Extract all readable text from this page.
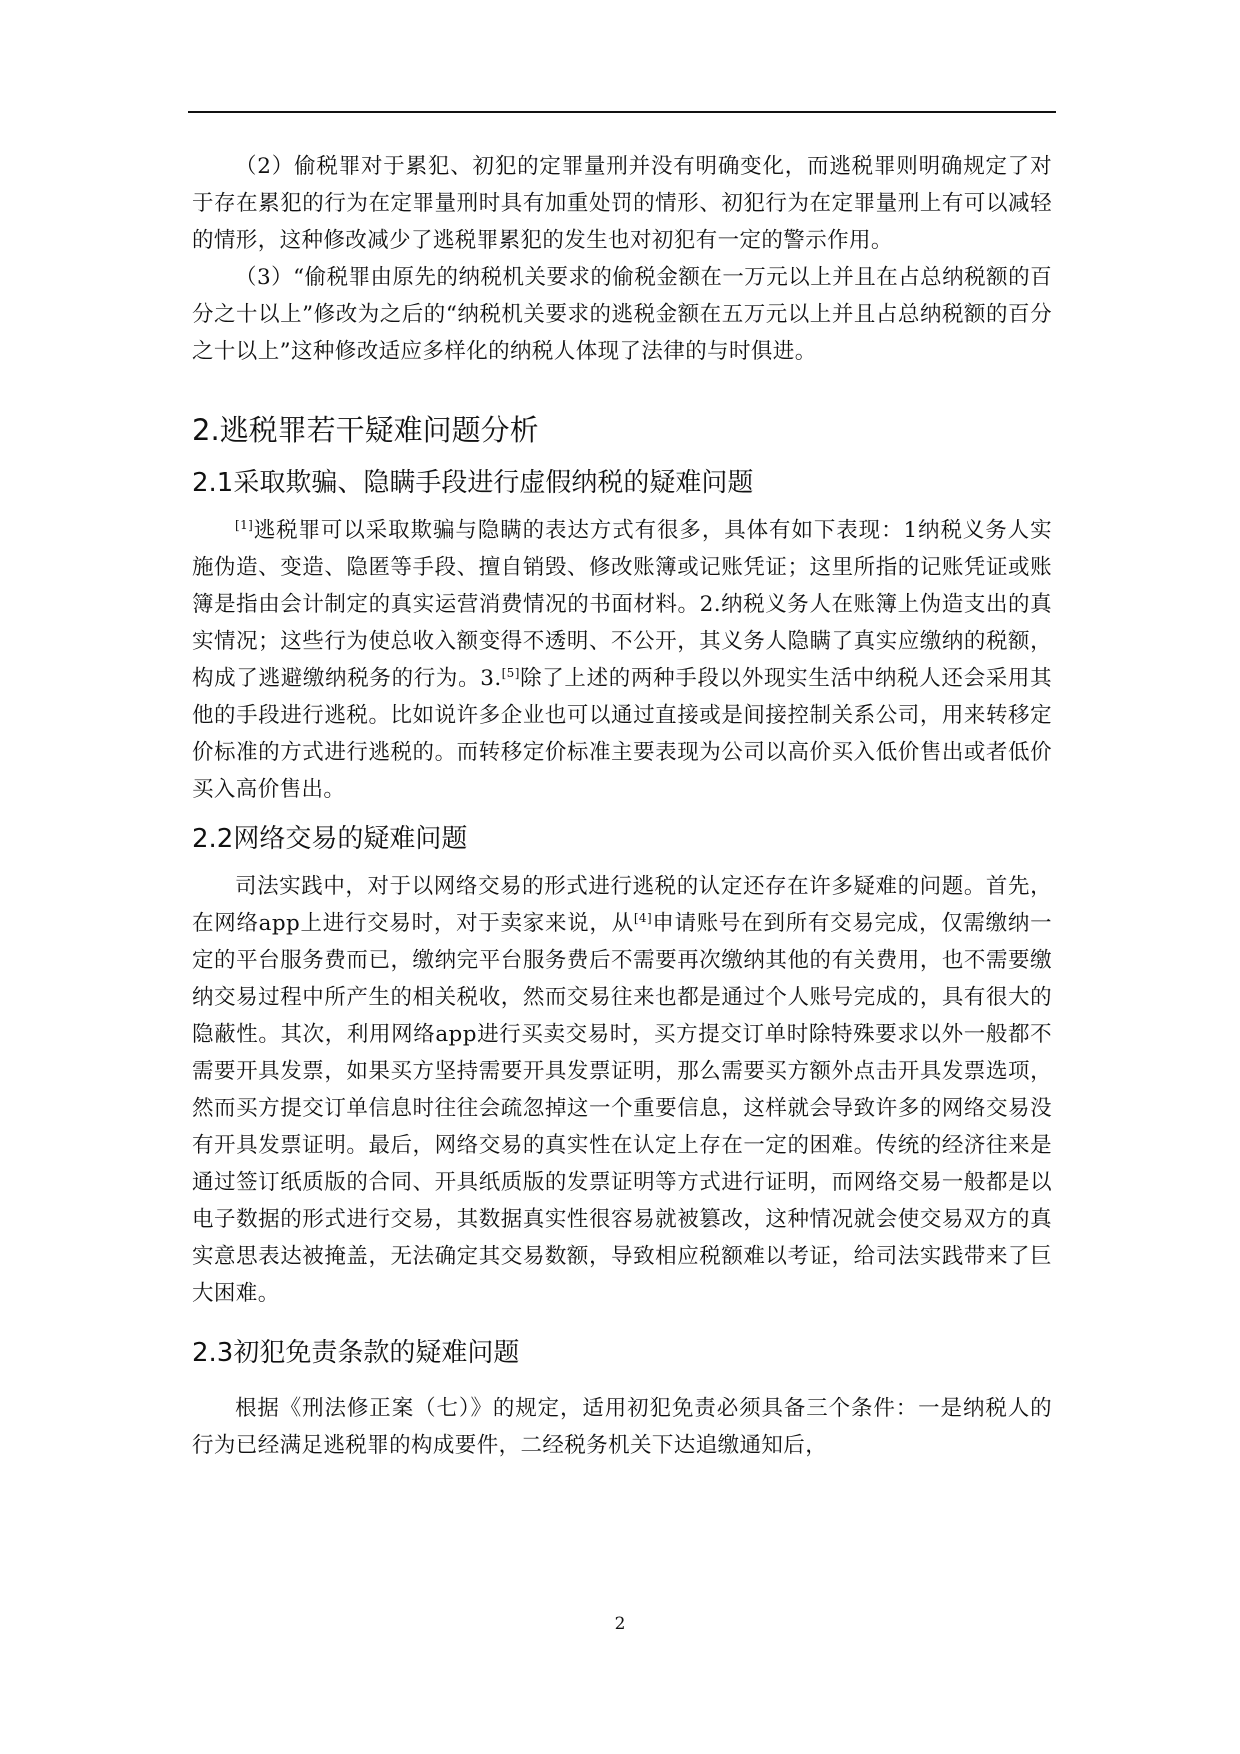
（2）偷税罪对于累犯、初犯的定罪量刑并没有明确变化，而逃税罪则明确规定了对于存在累犯的行为在定罪量刑时具有加重处罚的情形、初犯行为在定罪量刑上有可以减轻的情形，这种修改减少了逃税罪累犯的发生也对初犯有一定的警示作用。

（3）“偷税罪由原先的纳税机关要求的偷税金额在一万元以上并且在占总纳税额的百分之十以上”修改为之后的“纳税机关要求的逃税金额在五万元以上并且占总纳税额的百分之十以上”这种修改适应多样化的纳税人体现了法律的与时俱进。

2.逃税罪若干疑难问题分析
2.1采取欺骗、隐瞒手段进行虚假纳税的疑难问题

[1]逃税罪可以采取欺骗与隐瞒的表达方式有很多，具体有如下表现：1纳税义务人实施伪造、变造、隐匿等手段、擅自销毁、修改账簿或记账凭证；这里所指的记账凭证或账簿是指由会计制定的真实运营消费情况的书面材料。2.纳税义务人在账簿上伪造支出的真实情况；这些行为使总收入额变得不透明、不公开，其义务人隐瞒了真实应缴纳的税额，构成了逃避缴纳税务的行为。3.[5]除了上述的两种手段以外现实生活中纳税人还会采用其他的手段进行逃税。比如说许多企业也可以通过直接或是间接控制关系公司，用来转移定价标准的方式进行逃税的。而转移定价标准主要表现为公司以高价买入低价售出或者低价买入高价售出。

2.2网络交易的疑难问题

司法实践中，对于以网络交易的形式进行逃税的认定还存在许多疑难的问题。首先，在网络app上进行交易时，对于卖家来说，从[4]申请账号在到所有交易完成，仅需缴纳一定的平台服务费而已，缴纳完平台服务费后不需要再次缴纳其他的有关费用，也不需要缴纳交易过程中所产生的相关税收，然而交易往来也都是通过个人账号完成的，具有很大的隐蔽性。其次，利用网络app进行买卖交易时，买方提交订单时除特殊要求以外一般都不需要开具发票，如果买方坚持需要开具发票证明，那么需要买方额外点击开具发票选项，然而买方提交订单信息时往往会疏忽掉这一个重要信息，这样就会导致许多的网络交易没有开具发票证明。最后，网络交易的真实性在认定上存在一定的困难。传统的经济往来是通过签订纸质版的合同、开具纸质版的发票证明等方式进行证明，而网络交易一般都是以电子数据的形式进行交易，其数据真实性很容易就被篡改，这种情况就会使交易双方的真实意思表达被掩盖，无法确定其交易数额，导致相应税额难以考证，给司法实践带来了巨大困难。

2.3初犯免责条款的疑难问题

根据《刑法修正案（七）》的规定，适用初犯免责必须具备三个条件：一是纳税人的行为已经满足逃税罪的构成要件，二经税务机关下达追缴通知后，

2
